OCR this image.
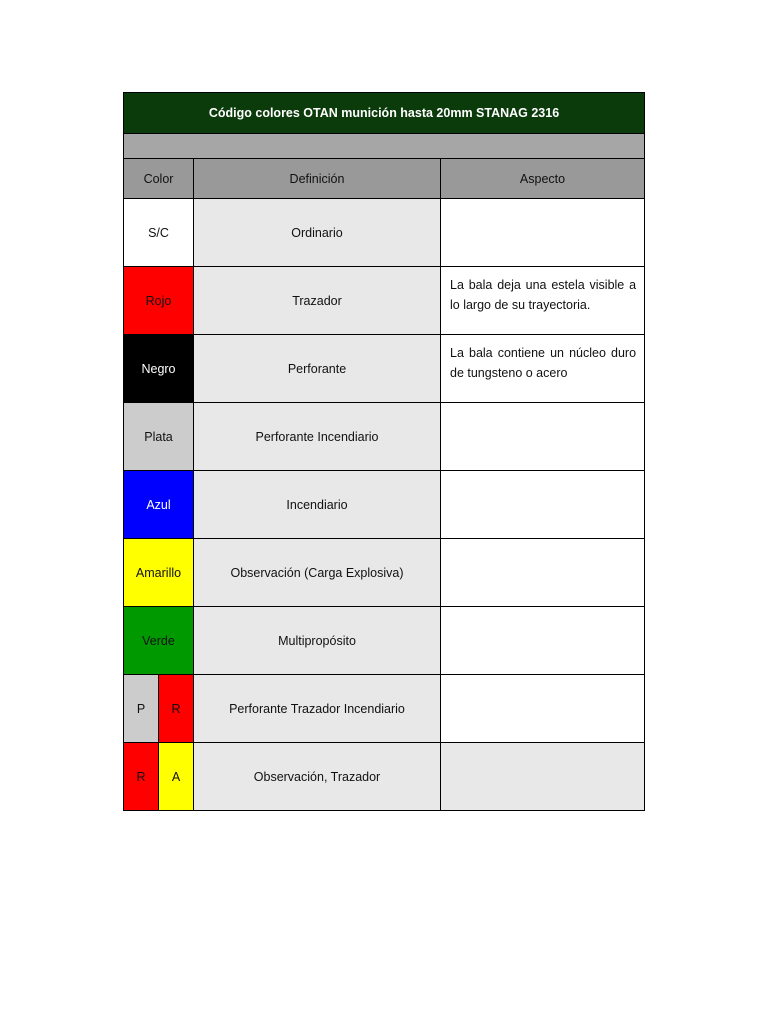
Código colores OTAN munición hasta 20mm STANAG 2316		

Color	Definición	Aspecto
S/C	Ordinario	

Rojo	Trazador	La bala deja una estela visible a lo largo de su trayectoria.

Negro	Perforante	La bala contiene un núcleo duro de tungsteno o acero

Plata	Perforante Incendiario	

Azul	Incendiario	

Amarillo	Observación (Carga Explosiva)	

Verde	Multipropósito	

P R	Perforante Trazador Incendiario	

R A	Observación, Trazador	
